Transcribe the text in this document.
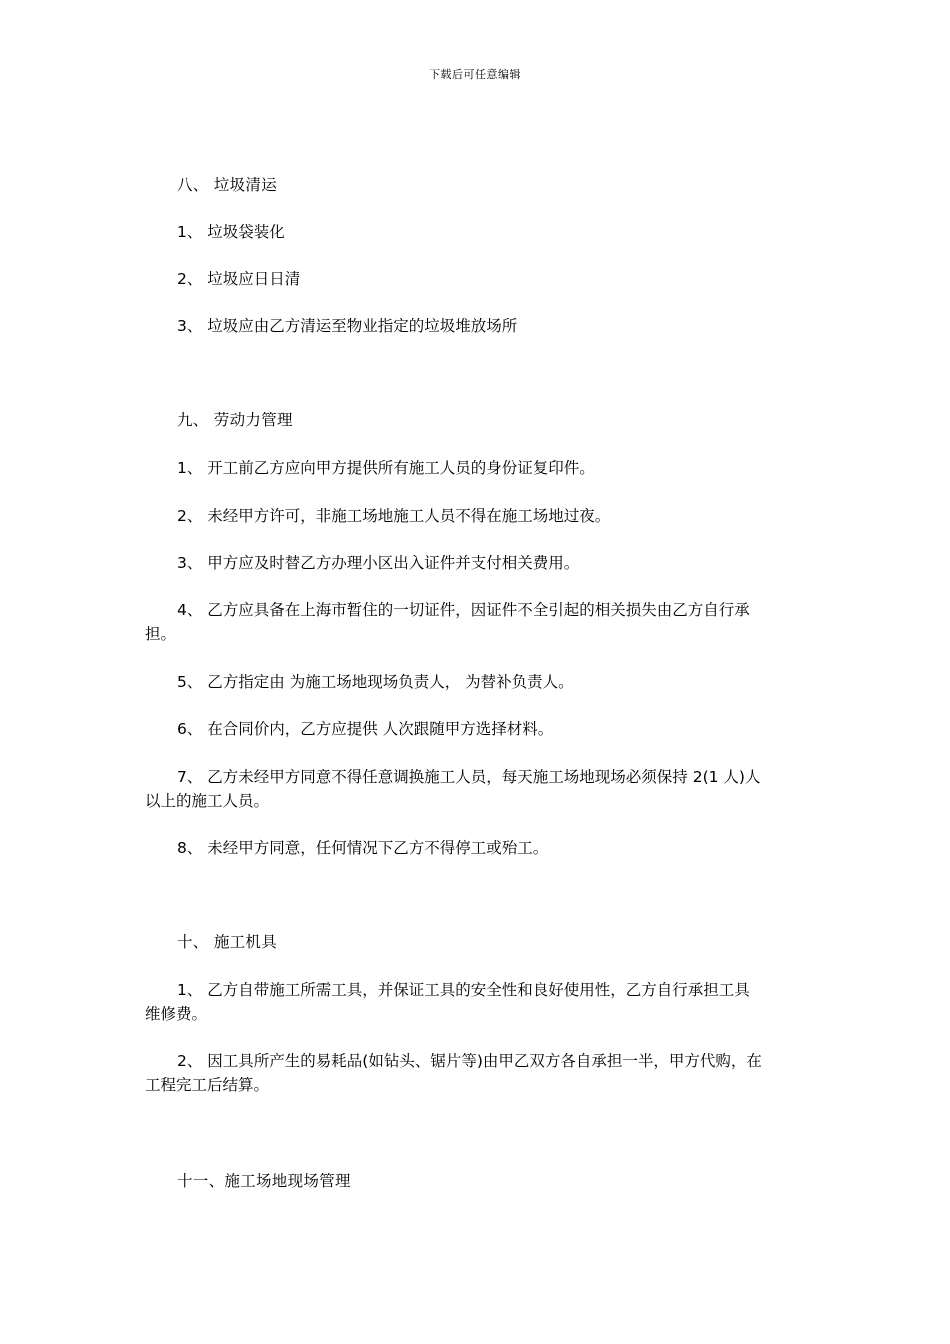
下载后可任意编辑
八、 垃圾清运
1、 垃圾袋装化
2、 垃圾应日日清
3、 垃圾应由乙方清运至物业指定的垃圾堆放场所
九、 劳动力管理
1、 开工前乙方应向甲方提供所有施工人员的身份证复印件。
2、 未经甲方许可，非施工场地施工人员不得在施工场地过夜。
3、 甲方应及时替乙方办理小区出入证件并支付相关费用。
4、 乙方应具备在上海市暂住的一切证件，因证件不全引起的相关损失由乙方自行承
担。
5、 乙方指定由 为施工场地现场负责人， 为替补负责人。
6、 在合同价内，乙方应提供 人次跟随甲方选择材料。
7、 乙方未经甲方同意不得任意调换施工人员，每天施工场地现场必须保持 2(1 人)人
以上的施工人员。
8、 未经甲方同意，任何情况下乙方不得停工或殆工。
十、 施工机具
1、 乙方自带施工所需工具，并保证工具的安全性和良好使用性，乙方自行承担工具
维修费。
2、 因工具所产生的易耗品(如钻头、锯片等)由甲乙双方各自承担一半，甲方代购，在
工程完工后结算。
十一、施工场地现场管理
